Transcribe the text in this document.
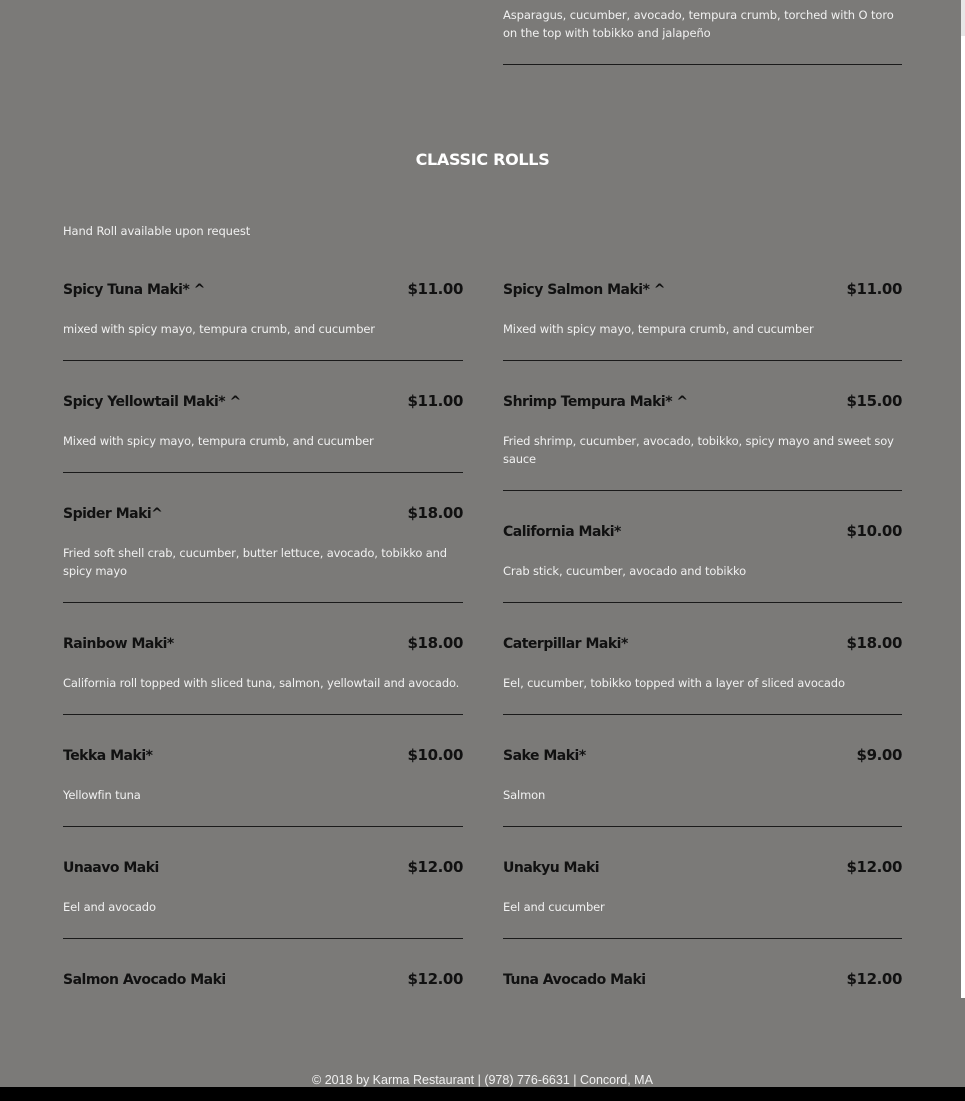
Asparagus, cucumber, avocado, tempura crumb, torched with O toro on the top with tobikko and jalapeño
CLASSIC ROLLS
Hand Roll available upon request
Spicy Tuna Maki* ^	$11.00
mixed with spicy mayo, tempura crumb, and cucumber
Spicy Yellowtail Maki* ^	$11.00
Mixed with spicy mayo, tempura crumb, and cucumber
Spider Maki^	$18.00
Fried soft shell crab, cucumber, butter lettuce, avocado, tobikko and spicy mayo
Rainbow Maki*	$18.00
California roll topped with sliced tuna, salmon, yellowtail and avocado.
Tekka Maki*	$10.00
Yellowfin tuna
Unaavo Maki	$12.00
Eel and avocado
Salmon Avocado Maki	$12.00
Spicy Salmon Maki* ^	$11.00
Mixed with spicy mayo, tempura crumb, and cucumber
Shrimp Tempura Maki* ^	$15.00
Fried shrimp, cucumber, avocado, tobikko, spicy mayo and sweet soy sauce
California Maki*	$10.00
Crab stick, cucumber, avocado and tobikko
Caterpillar Maki*	$18.00
Eel, cucumber, tobikko topped with a layer of sliced avocado
Sake Maki*	$9.00
Salmon
Unakyu Maki	$12.00
Eel and cucumber
Tuna Avocado Maki	$12.00
© 2018 by Karma Restaurant | (978) 776-6631 | Concord, MA
